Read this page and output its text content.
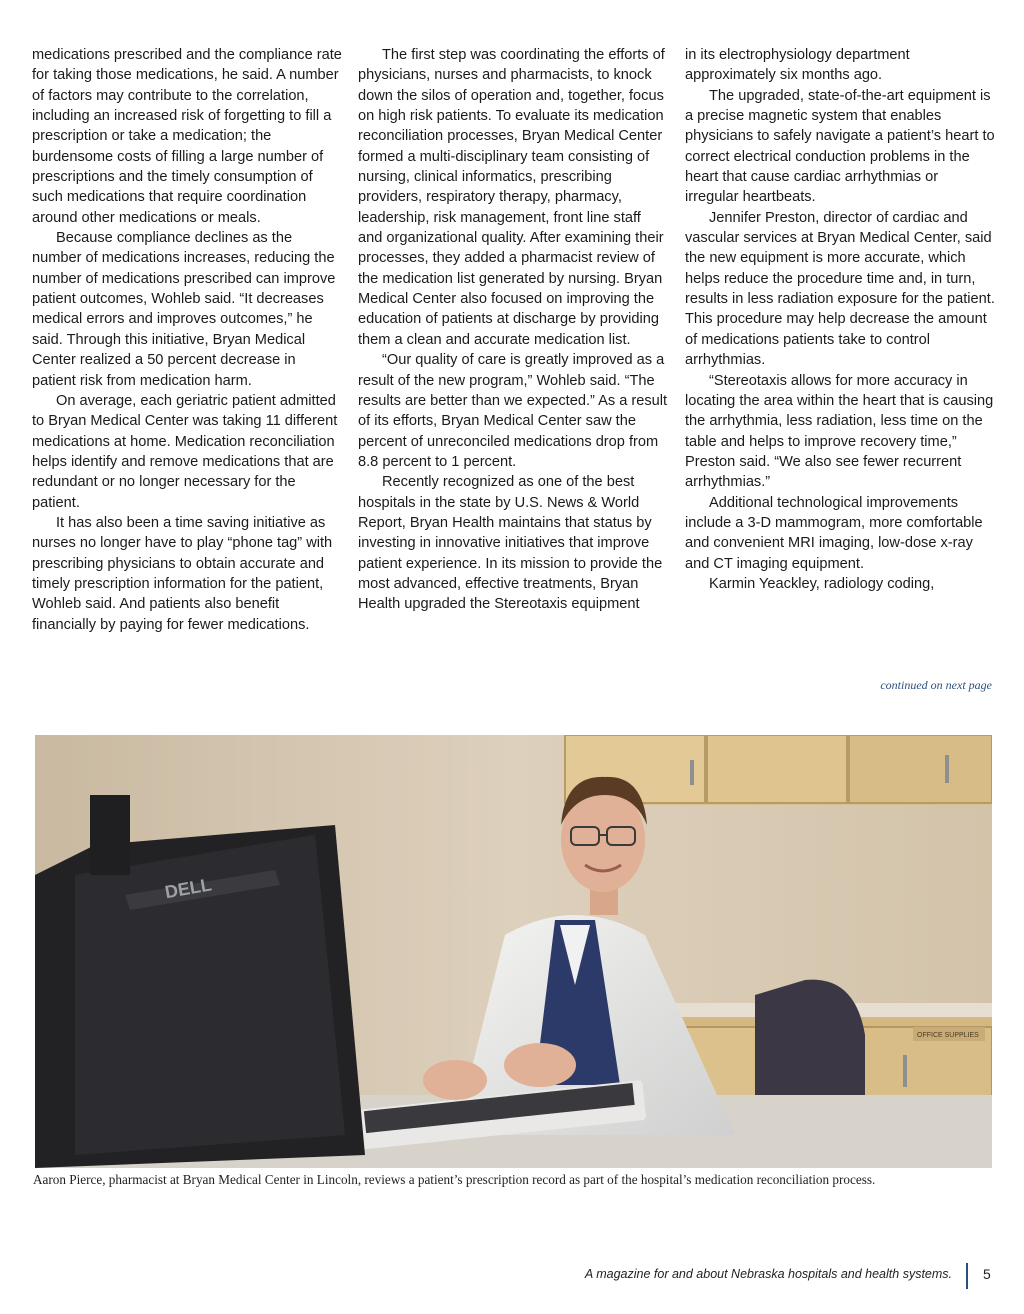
medications prescribed and the compliance rate for taking those medications, he said. A number of factors may contribute to the correlation, including an increased risk of forgetting to fill a prescription or take a medication; the burdensome costs of filling a large number of prescriptions and the timely consumption of such medications that require coordination around other medications or meals.

Because compliance declines as the number of medications increases, reducing the number of medications prescribed can improve patient outcomes, Wohleb said. “It decreases medical errors and improves outcomes,” he said. Through this initiative, Bryan Medical Center realized a 50 percent decrease in patient risk from medication harm.

On average, each geriatric patient admitted to Bryan Medical Center was taking 11 different medications at home. Medication reconciliation helps identify and remove medications that are redundant or no longer necessary for the patient.

It has also been a time saving initiative as nurses no longer have to play “phone tag” with prescribing physicians to obtain accurate and timely prescription information for the patient, Wohleb said. And patients also benefit financially by paying for fewer medications.

The first step was coordinating the efforts of physicians, nurses and pharmacists, to knock down the silos of operation and, together, focus on high risk patients. To evaluate its medication reconciliation processes, Bryan Medical Center formed a multi-disciplinary team consisting of nursing, clinical informatics, prescribing providers, respiratory therapy, pharmacy, leadership, risk management, front line staff and organizational quality. After examining their processes, they added a pharmacist review of the medication list generated by nursing. Bryan Medical Center also focused on improving the education of patients at discharge by providing them a clean and accurate medication list.

“Our quality of care is greatly improved as a result of the new program,” Wohleb said. “The results are better than we expected.” As a result of its efforts, Bryan Medical Center saw the percent of unreconciled medications drop from 8.8 percent to 1 percent.

Recently recognized as one of the best hospitals in the state by U.S. News & World Report, Bryan Health maintains that status by investing in innovative initiatives that improve patient experience. In its mission to provide the most advanced, effective treatments, Bryan Health upgraded the Stereotaxis equipment

in its electrophysiology department approximately six months ago.

The upgraded, state-of-the-art equipment is a precise magnetic system that enables physicians to safely navigate a patient’s heart to correct electrical conduction problems in the heart that cause cardiac arrhythmias or irregular heartbeats.

Jennifer Preston, director of cardiac and vascular services at Bryan Medical Center, said the new equipment is more accurate, which helps reduce the procedure time and, in turn, results in less radiation exposure for the patient. This procedure may help decrease the amount of medications patients take to control arrhythmias.

“Stereotaxis allows for more accuracy in locating the area within the heart that is causing the arrhythmia, less radiation, less time on the table and helps to improve recovery time,” Preston said. “We also see fewer recurrent arrhythmias.”

Additional technological improvements include a 3-D mammogram, more comfortable and convenient MRI imaging, low-dose x-ray and CT imaging equipment.

Karmin Yeackley, radiology coding,

continued on next page
OFFICE SUPPLIES
DELL
Aaron Pierce, pharmacist at Bryan Medical Center in Lincoln, reviews a patient’s prescription record as part of the hospital’s medication reconciliation process.
A magazine for and about Nebraska hospitals and health systems. 5
